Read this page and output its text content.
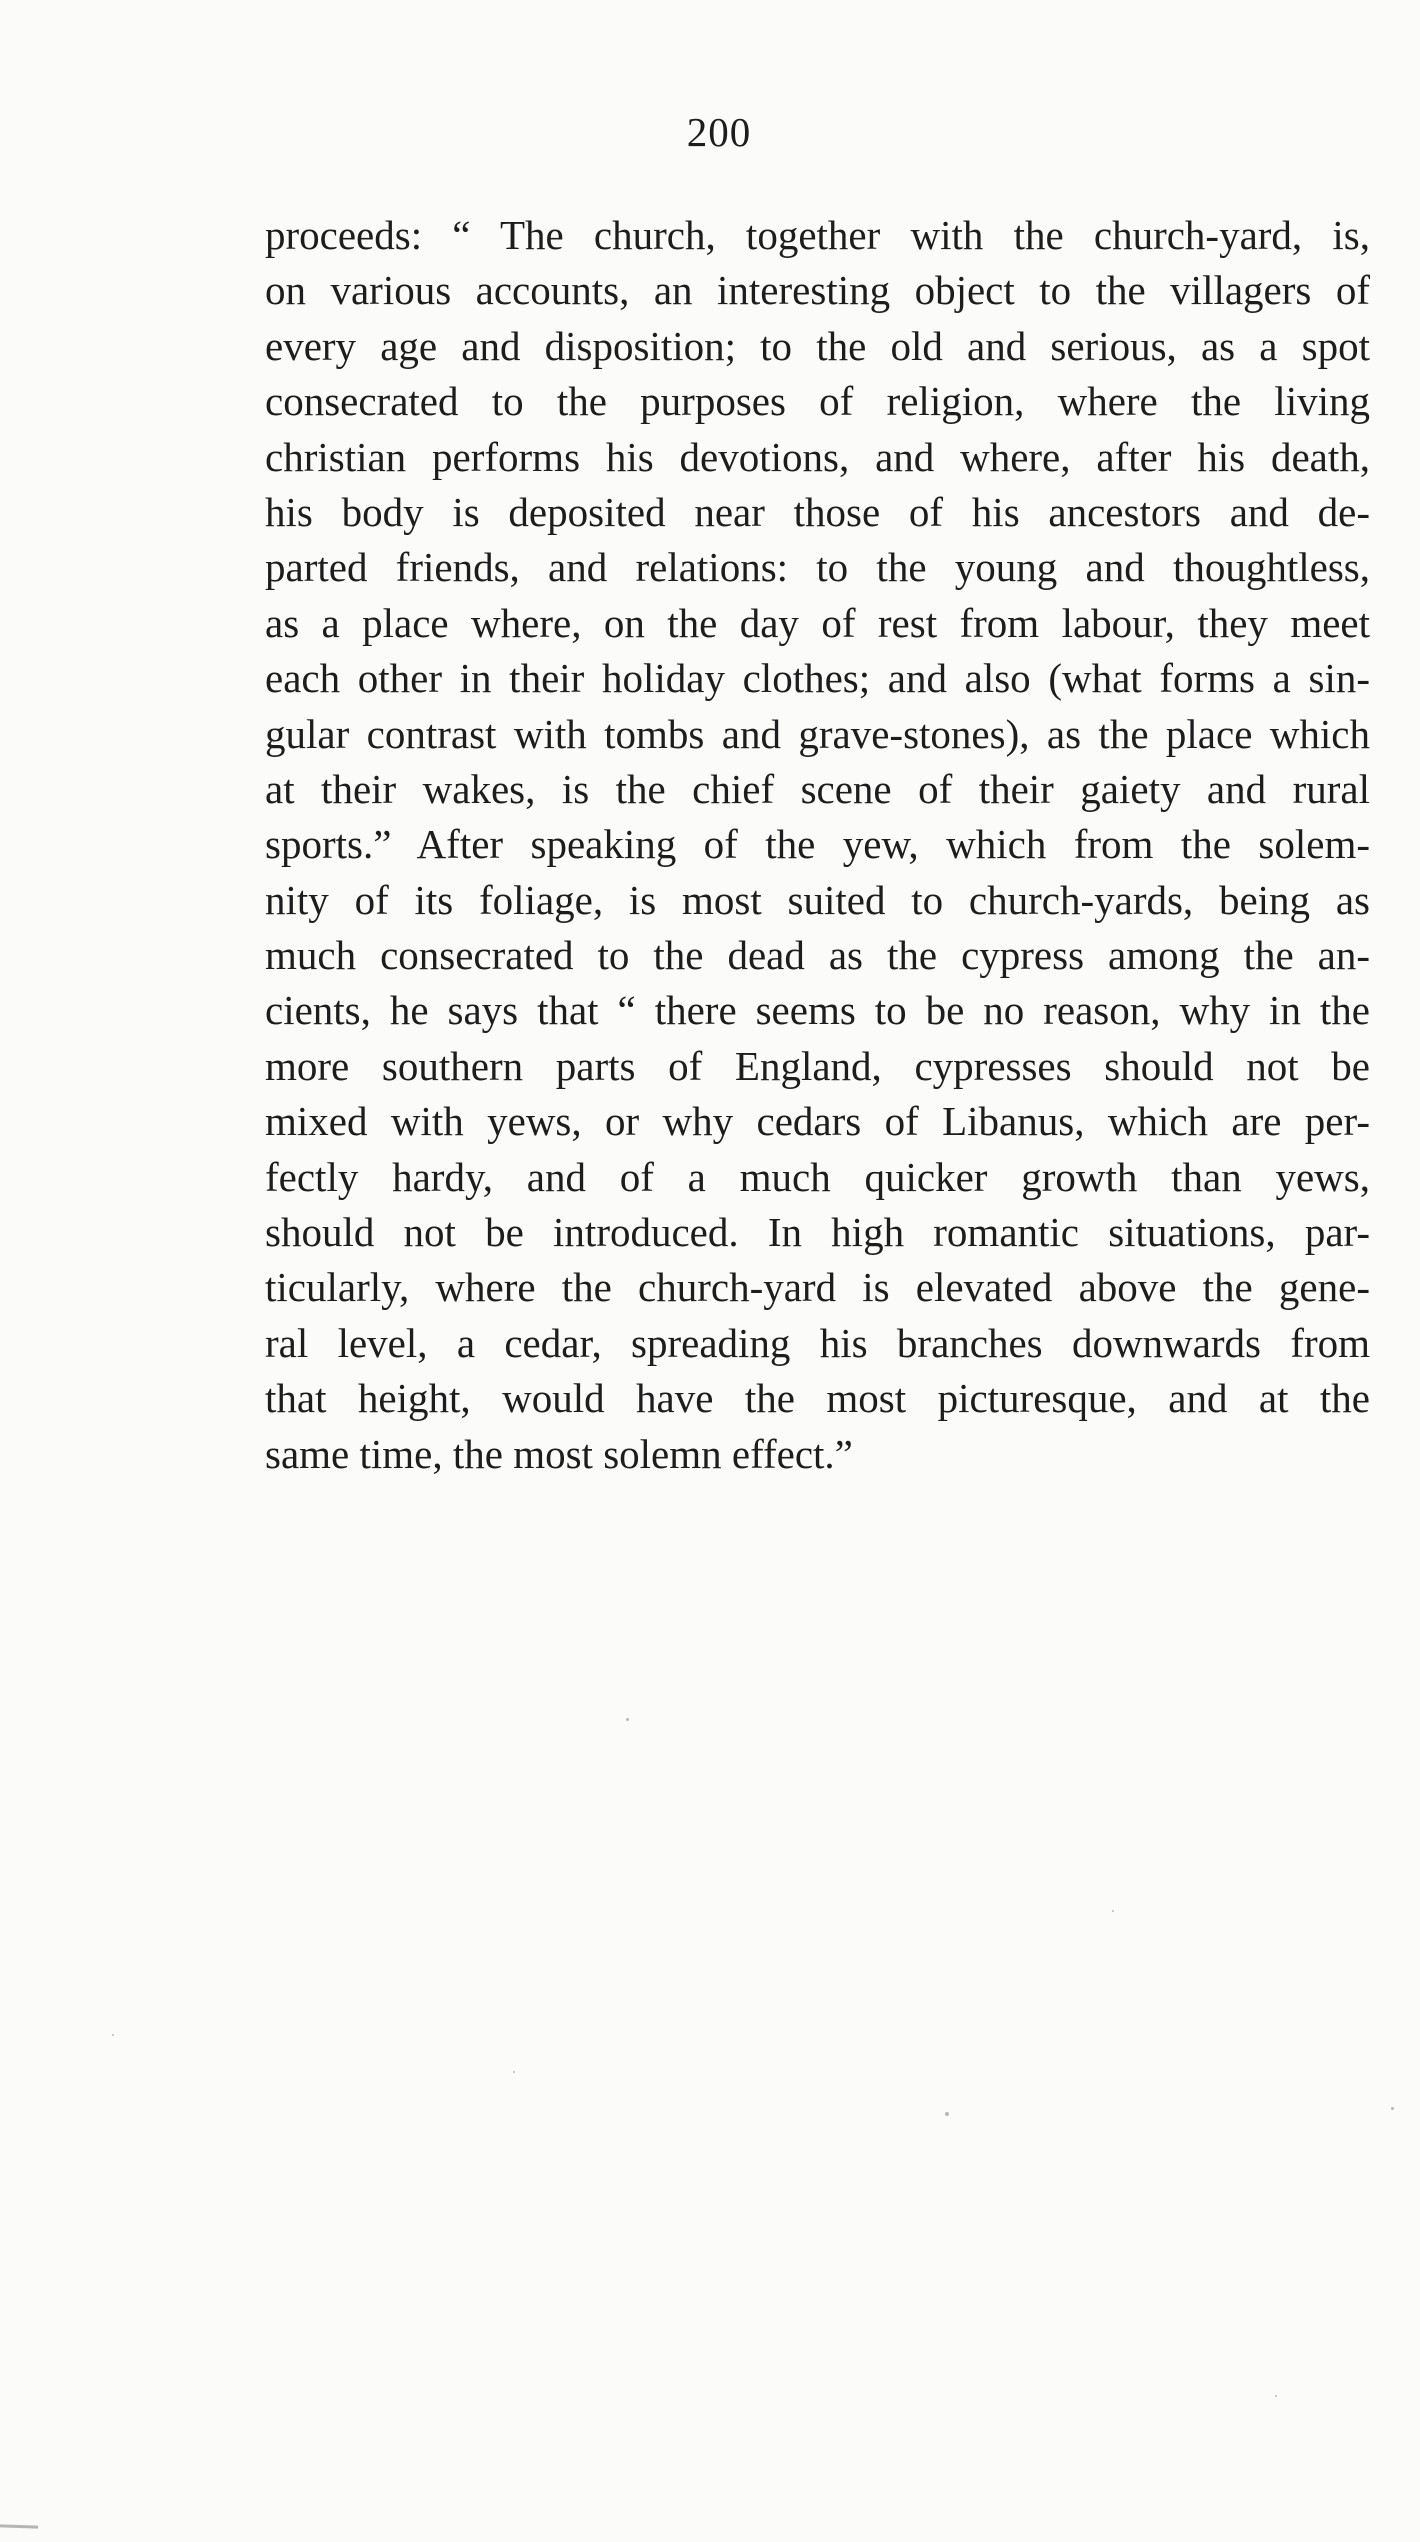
200
proceeds: “ The church, together with the church-yard, is,
on various accounts, an interesting object to the villagers of
every age and disposition; to the old and serious, as a spot
consecrated to the purposes of religion, where the living
christian performs his devotions, and where, after his death,
his body is deposited near those of his ancestors and de-
parted friends, and relations: to the young and thoughtless,
as a place where, on the day of rest from labour, they meet
each other in their holiday clothes; and also (what forms a sin-
gular contrast with tombs and grave-stones), as the place which
at their wakes, is the chief scene of their gaiety and rural
sports.” After speaking of the yew, which from the solem-
nity of its foliage, is most suited to church-yards, being as
much consecrated to the dead as the cypress among the an-
cients, he says that “ there seems to be no reason, why in the
more southern parts of England, cypresses should not be
mixed with yews, or why cedars of Libanus, which are per-
fectly hardy, and of a much quicker growth than yews,
should not be introduced. In high romantic situations, par-
ticularly, where the church-yard is elevated above the gene-
ral level, a cedar, spreading his branches downwards from
that height, would have the most picturesque, and at the
same time, the most solemn effect.”
